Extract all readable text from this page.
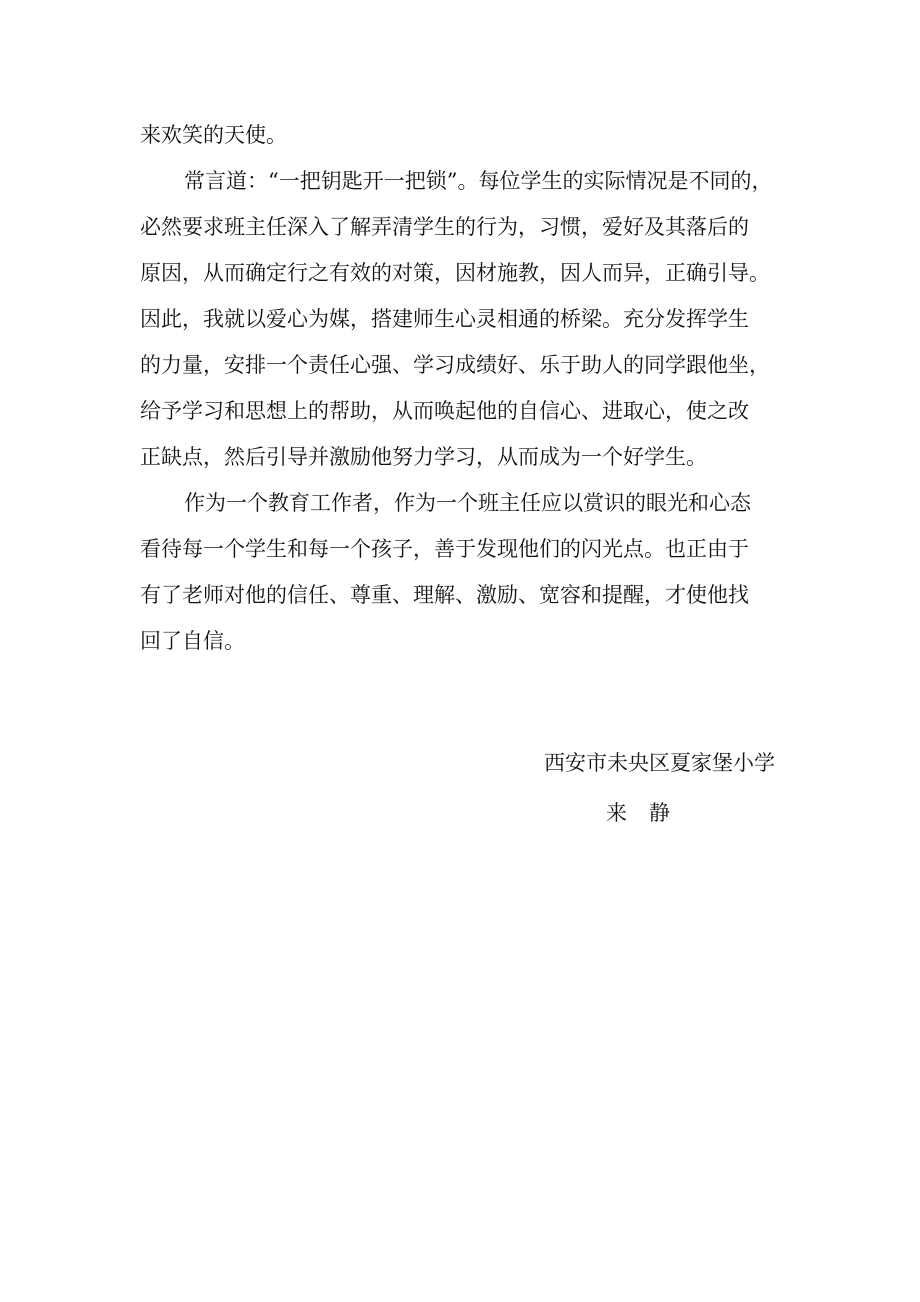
来欢笑的天使。
常言道：“一把钥匙开一把锁”。每位学生的实际情况是不同的，
必然要求班主任深入了解弄清学生的行为，习惯，爱好及其落后的
原因，从而确定行之有效的对策，因材施教，因人而异，正确引导。
因此，我就以爱心为媒，搭建师生心灵相通的桥梁。充分发挥学生
的力量，安排一个责任心强、学习成绩好、乐于助人的同学跟他坐，
给予学习和思想上的帮助，从而唤起他的自信心、进取心，使之改
正缺点，然后引导并激励他努力学习，从而成为一个好学生。
作为一个教育工作者，作为一个班主任应以赏识的眼光和心态
看待每一个学生和每一个孩子，善于发现他们的闪光点。也正由于
有了老师对他的信任、尊重、理解、激励、宽容和提醒，才使他找
回了自信。
西安市未央区夏家堡小学
来 静
